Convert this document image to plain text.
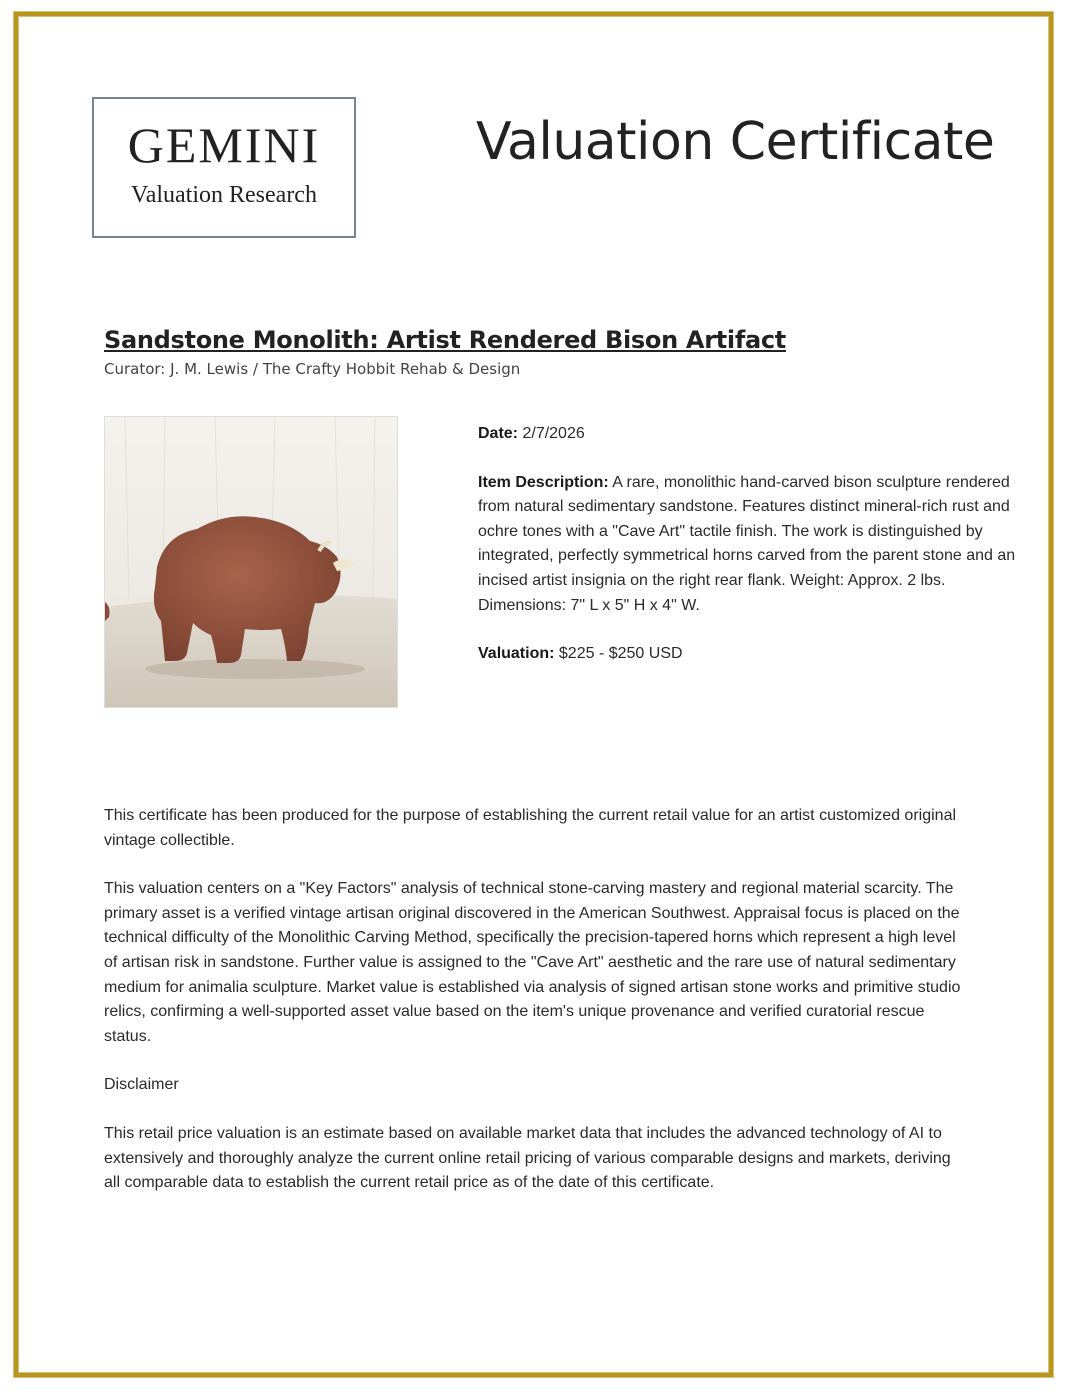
GEMINI
Valuation Research
Valuation Certificate
Sandstone Monolith: Artist Rendered Bison Artifact
Curator: J. M. Lewis / The Crafty Hobbit Rehab & Design

Date: 2/7/2026

Item Description: A rare, monolithic hand-carved bison sculpture rendered from natural sedimentary sandstone. Features distinct mineral-rich rust and ochre tones with a "Cave Art" tactile finish. The work is distinguished by integrated, perfectly symmetrical horns carved from the parent stone and an incised artist insignia on the right rear flank. Weight: Approx. 2 lbs. Dimensions: 7" L x 5" H x 4" W.

Valuation: $225 - $250 USD

This certificate has been produced for the purpose of establishing the current retail value for an artist customized original vintage collectible.

This valuation centers on a "Key Factors" analysis of technical stone-carving mastery and regional material scarcity. The primary asset is a verified vintage artisan original discovered in the American Southwest. Appraisal focus is placed on the technical difficulty of the Monolithic Carving Method, specifically the precision-tapered horns which represent a high level of artisan risk in sandstone. Further value is assigned to the "Cave Art" aesthetic and the rare use of natural sedimentary medium for animalia sculpture. Market value is established via analysis of signed artisan stone works and primitive studio relics, confirming a well-supported asset value based on the item's unique provenance and verified curatorial rescue status.

Disclaimer

This retail price valuation is an estimate based on available market data that includes the advanced technology of AI to extensively and thoroughly analyze the current online retail pricing of various comparable designs and markets, deriving all comparable data to establish the current retail price as of the date of this certificate.
